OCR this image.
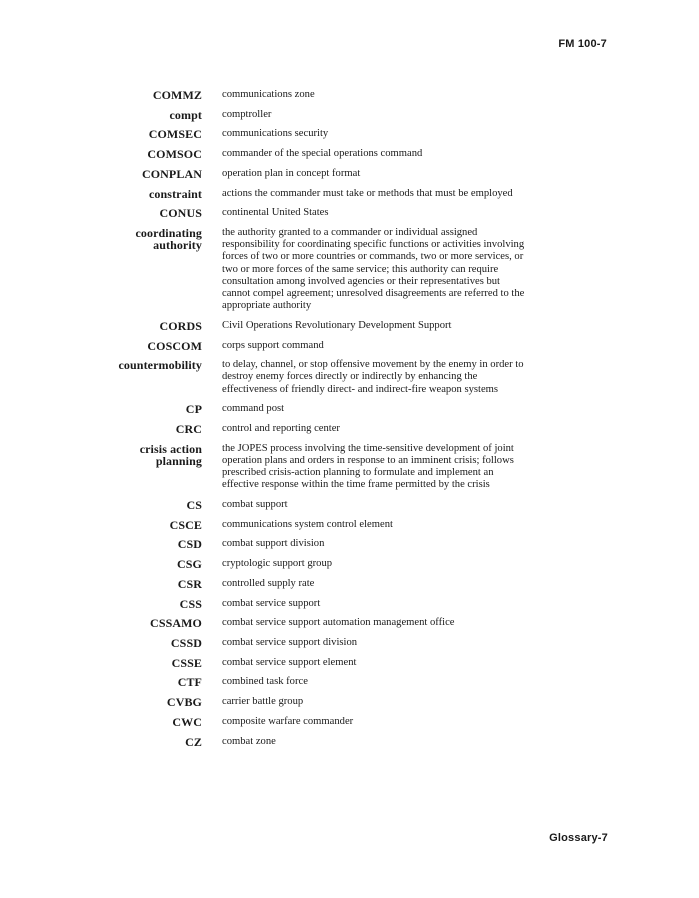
FM 100-7
COMMZ communications zone
compt comptroller
COMSEC communications security
COMSOC commander of the special operations command
CONPLAN operation plan in concept format
constraint actions the commander must take or methods that must be employed
CONUS continental United States
coordinating
authority
the authority granted to a commander or individual assigned responsibility for coordinating specific functions or activities involving forces of two or more countries or commands, two or more services, or two or more forces of the same service; this authority can require consultation among involved agencies or their representatives but cannot compel agreement; unresolved disagreements are referred to the appropriate authority
CORDS Civil Operations Revolutionary Development Support
COSCOM corps support command
countermobility to delay, channel, or stop offensive movement by the enemy in order to destroy enemy forces directly or indirectly by enhancing the effectiveness of friendly direct- and indirect-fire weapon systems
CP command post
CRC control and reporting center
crisis action
planning
the JOPES process involving the time-sensitive development of joint operation plans and orders in response to an imminent crisis; follows prescribed crisis-action planning to formulate and implement an effective response within the time frame permitted by the crisis
CS combat support
CSCE communications system control element
CSD combat support division
CSG cryptologic support group
CSR controlled supply rate
CSS combat service support
CSSAMO combat service support automation management office
CSSD combat service support division
CSSE combat service support element
CTF combined task force
CVBG carrier battle group
CWC composite warfare commander
CZ combat zone
Glossary-7
